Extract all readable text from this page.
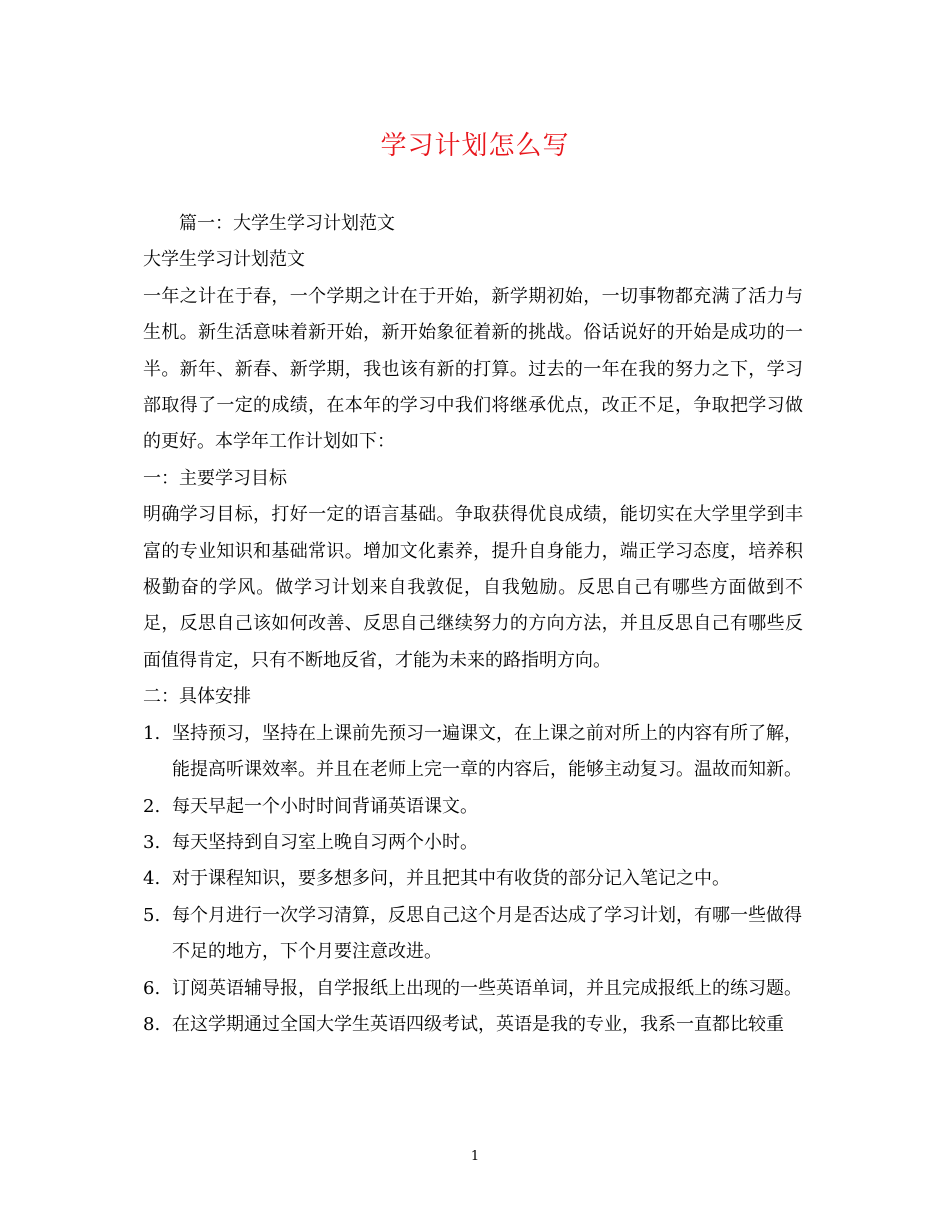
学习计划怎么写

篇一：大学生学习计划范文

大学生学习计划范文

一年之计在于春，一个学期之计在于开始，新学期初始，一切事物都充满了活力与生机。新生活意味着新开始，新开始象征着新的挑战。俗话说好的开始是成功的一半。新年、新春、新学期，我也该有新的打算。过去的一年在我的努力之下，学习部取得了一定的成绩，在本年的学习中我们将继承优点，改正不足，争取把学习做的更好。本学年工作计划如下：

一：主要学习目标

明确学习目标，打好一定的语言基础。争取获得优良成绩，能切实在大学里学到丰富的专业知识和基础常识。增加文化素养，提升自身能力，端正学习态度，培养积极勤奋的学风。做学习计划来自我敦促，自我勉励。反思自己有哪些方面做到不足，反思自己该如何改善、反思自己继续努力的方向方法，并且反思自己有哪些反面值得肯定，只有不断地反省，才能为未来的路指明方向。

二：具体安排

1. 坚持预习，坚持在上课前先预习一遍课文，在上课之前对所上的内容有所了解，能提高听课效率。并且在老师上完一章的内容后，能够主动复习。温故而知新。
2. 每天早起一个小时时间背诵英语课文。
3. 每天坚持到自习室上晚自习两个小时。
4. 对于课程知识，要多想多问，并且把其中有收货的部分记入笔记之中。
5. 每个月进行一次学习清算，反思自己这个月是否达成了学习计划，有哪一些做得不足的地方，下个月要注意改进。
6. 订阅英语辅导报，自学报纸上出现的一些英语单词，并且完成报纸上的练习题。
8. 在这学期通过全国大学生英语四级考试，英语是我的专业，我系一直都比较重
1
